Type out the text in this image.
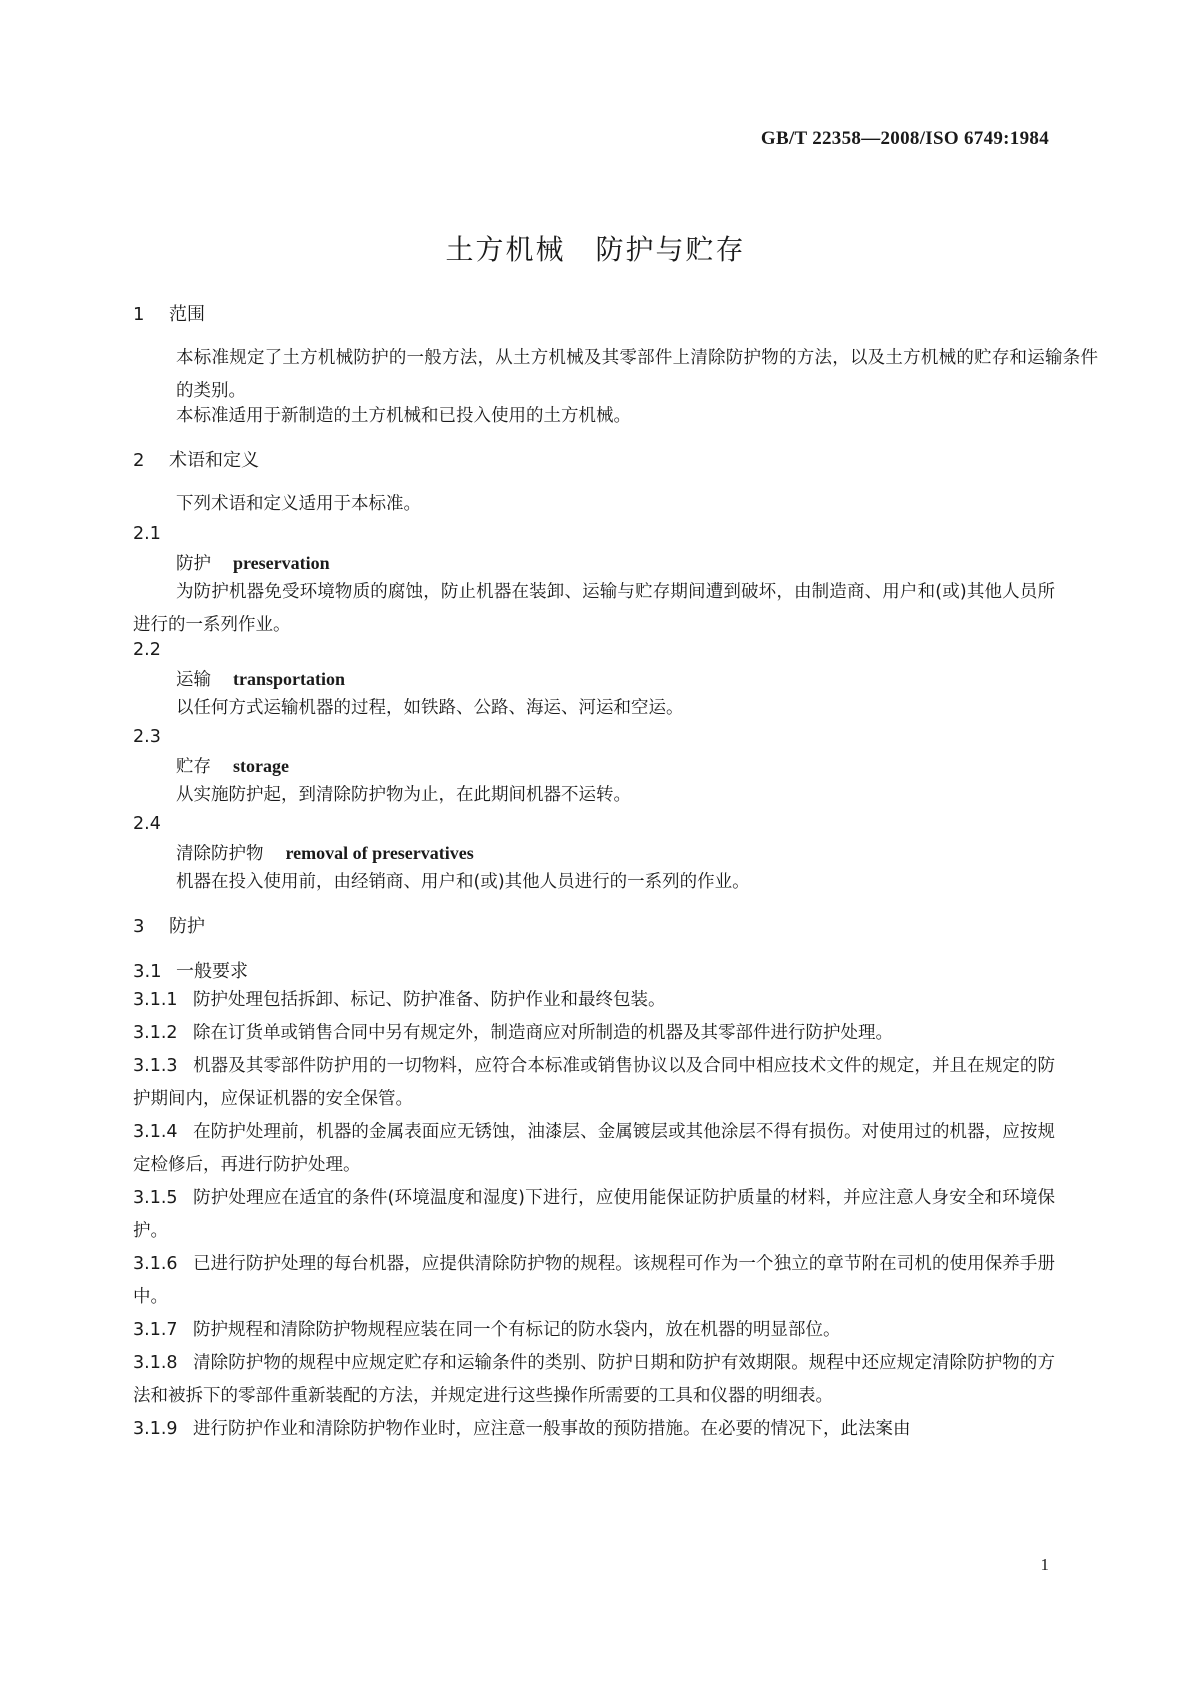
GB/T 22358—2008/ISO 6749:1984
土方机械　防护与贮存
1 范围

本标准规定了土方机械防护的一般方法，从土方机械及其零部件上清除防护物的方法，以及土方机械的贮存和运输条件的类别。

本标准适用于新制造的土方机械和已投入使用的土方机械。

2 术语和定义

下列术语和定义适用于本标准。

2.1
防护 preservation

为防护机器免受环境物质的腐蚀，防止机器在装卸、运输与贮存期间遭到破坏，由制造商、用户和(或)其他人员所进行的一系列作业。

2.2
运输 transportation

以任何方式运输机器的过程，如铁路、公路、海运、河运和空运。

2.3
贮存 storage

从实施防护起，到清除防护物为止，在此期间机器不运转。

2.4
清除防护物 removal of preservatives

机器在投入使用前，由经销商、用户和(或)其他人员进行的一系列的作业。

3 防护
3.1 一般要求

3.1.1 防护处理包括拆卸、标记、防护准备、防护作业和最终包装。

3.1.2 除在订货单或销售合同中另有规定外，制造商应对所制造的机器及其零部件进行防护处理。

3.1.3 机器及其零部件防护用的一切物料，应符合本标准或销售协议以及合同中相应技术文件的规定，并且在规定的防护期间内，应保证机器的安全保管。

3.1.4 在防护处理前，机器的金属表面应无锈蚀，油漆层、金属镀层或其他涂层不得有损伤。对使用过的机器，应按规定检修后，再进行防护处理。

3.1.5 防护处理应在适宜的条件(环境温度和湿度)下进行，应使用能保证防护质量的材料，并应注意人身安全和环境保护。

3.1.6 已进行防护处理的每台机器，应提供清除防护物的规程。该规程可作为一个独立的章节附在司机的使用保养手册中。

3.1.7 防护规程和清除防护物规程应装在同一个有标记的防水袋内，放在机器的明显部位。

3.1.8 清除防护物的规程中应规定贮存和运输条件的类别、防护日期和防护有效期限。规程中还应规定清除防护物的方法和被拆下的零部件重新装配的方法，并规定进行这些操作所需要的工具和仪器的明细表。

3.1.9 进行防护作业和清除防护物作业时，应注意一般事故的预防措施。在必要的情况下，此法案由

1
